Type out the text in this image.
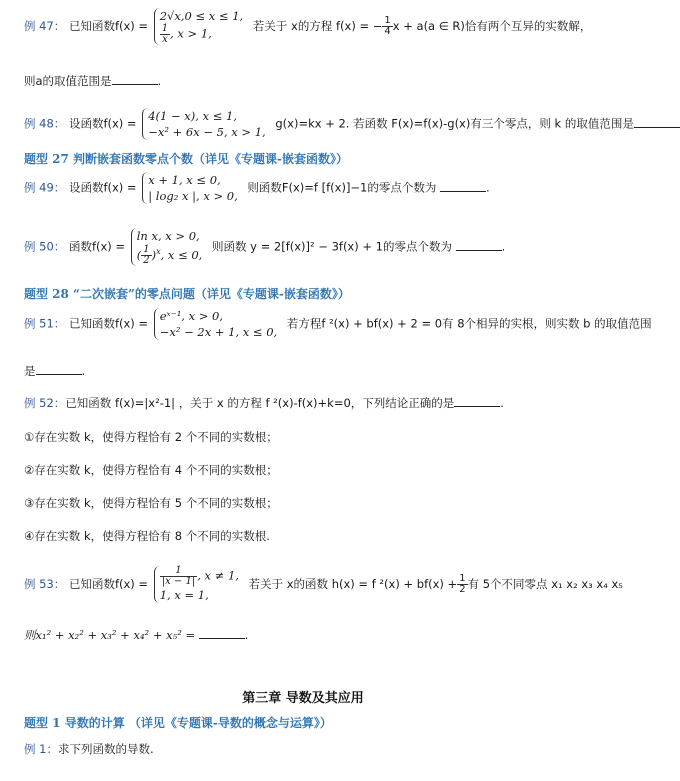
例 47： 已知函数f(x) =
2√x,0 ≤ x ≤ 1,
$\frac{1}{x}$ , x > 1,
若关于 x的方程 f(x) = − $\frac{1}{4}$ x + a(a ∈ R)恰有两个互异的实数解，
则a的取值范围是	.
例 48： 设函数f(x) =
4(1 − x), x ≤ 1,
−x² + 6x − 5, x > 1,
g(x)=kx + 2. 若函数 F(x)=f(x)-g(x)有三个零点，则 k 的取值范围是
题型 27 判断嵌套函数零点个数（详见《专题课-嵌套函数》）
例 49： 设函数f(x) =
x + 1, x ≤ 0,
| log₂ x |, x > 0,
则函数F(x)=f [f(x)]−1的零点个数为	.
例 50： 函数f(x) =
ln x, x > 0,
( $\frac{1}{2} )^x$, x ≤ 0,
则函数 y = 2[f(x)]² − 3f(x) + 1的零点个数为	.
题型 28 “二次嵌套”的零点问题（详见《专题课-嵌套函数》）
例 51： 已知函数f(x) =
eˣ⁻¹, x > 0,
−x² − 2x + 1, x ≤ 0,
若方程f ²(x) + bf(x) + 2 = 0有 8个相异的实根，则实数 b 的取值范围
是	.
例 52：已知函数 f(x)=|x²-1| ，关于 x 的方程 f ²(x)-f(x)+k=0，下列结论正确的是	.
①存在实数 k，使得方程恰有 2 个不同的实数根；
②存在实数 k，使得方程恰有 4 个不同的实数根；
③存在实数 k，使得方程恰有 5 个不同的实数根；
④存在实数 k，使得方程恰有 8 个不同的实数根.
例 53： 已知函数$f(x) = \frac{1}{|x - 1|}$ , x ≠ 1,
1, x = 1,
若关于 x的函数 h(x) = f $^2(x) + bf(x) + \frac{1}{2}$ 有 5个不同零点 x₁ x₂ x₃ x₄ x₅
则x₁² + x₂² + x₃² + x₄² + x₅² =	.
第三章 导数及其应用
题型 1 导数的计算 （详见《专题课-导数的概念与运算》）
例 1：求下列函数的导数.
